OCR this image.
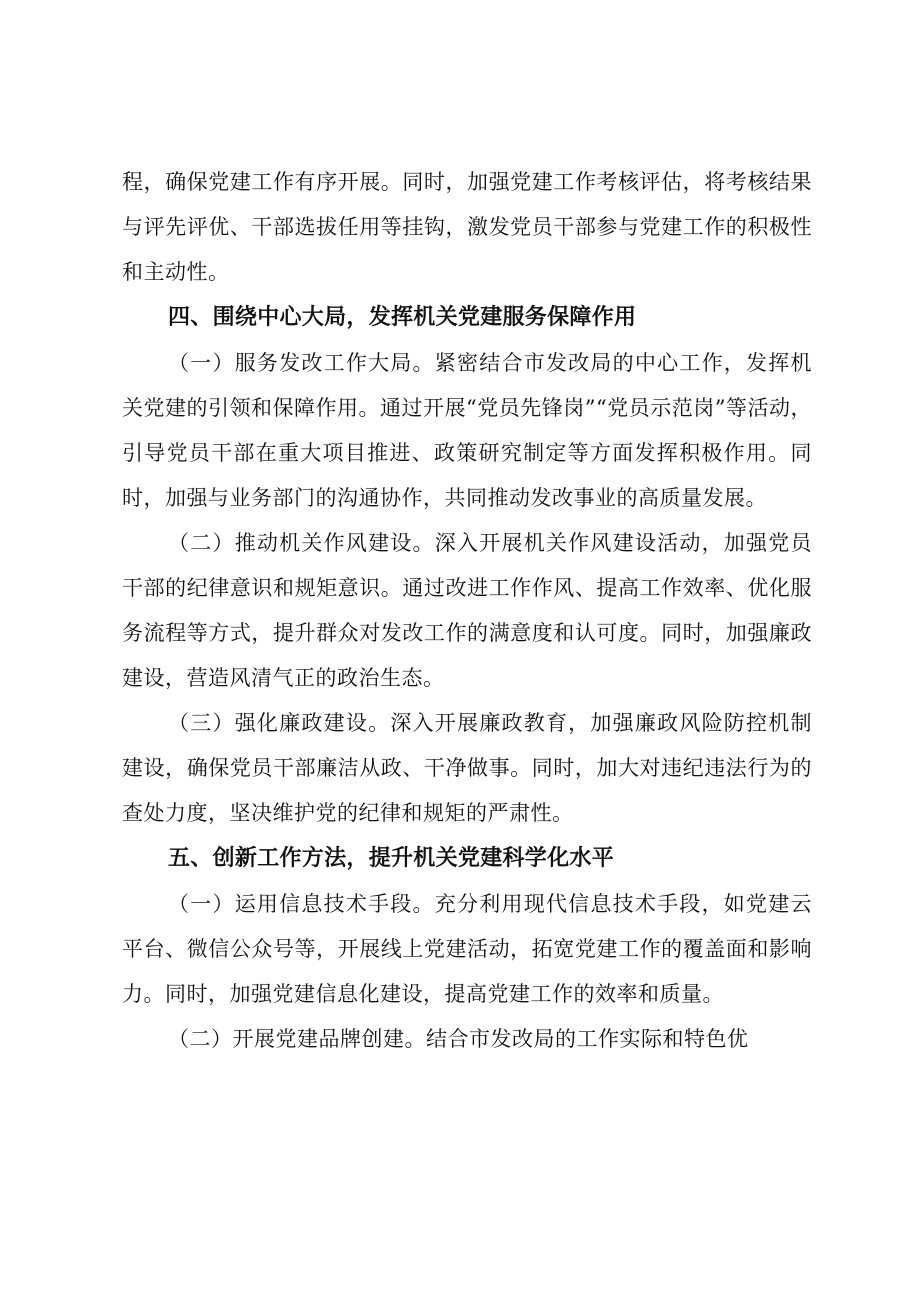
程，确保党建工作有序开展。同时，加强党建工作考核评估，将考核结果与评先评优、干部选拔任用等挂钩，激发党员干部参与党建工作的积极性和主动性。

四、围绕中心大局，发挥机关党建服务保障作用

（一）服务发改工作大局。紧密结合市发改局的中心工作，发挥机关党建的引领和保障作用。通过开展“党员先锋岗”“党员示范岗”等活动，引导党员干部在重大项目推进、政策研究制定等方面发挥积极作用。同时，加强与业务部门的沟通协作，共同推动发改事业的高质量发展。

（二）推动机关作风建设。深入开展机关作风建设活动，加强党员干部的纪律意识和规矩意识。通过改进工作作风、提高工作效率、优化服务流程等方式，提升群众对发改工作的满意度和认可度。同时，加强廉政建设，营造风清气正的政治生态。

（三）强化廉政建设。深入开展廉政教育，加强廉政风险防控机制建设，确保党员干部廉洁从政、干净做事。同时，加大对违纪违法行为的查处力度，坚决维护党的纪律和规矩的严肃性。

五、创新工作方法，提升机关党建科学化水平

（一）运用信息技术手段。充分利用现代信息技术手段，如党建云平台、微信公众号等，开展线上党建活动，拓宽党建工作的覆盖面和影响力。同时，加强党建信息化建设，提高党建工作的效率和质量。

（二）开展党建品牌创建。结合市发改局的工作实际和特色优
